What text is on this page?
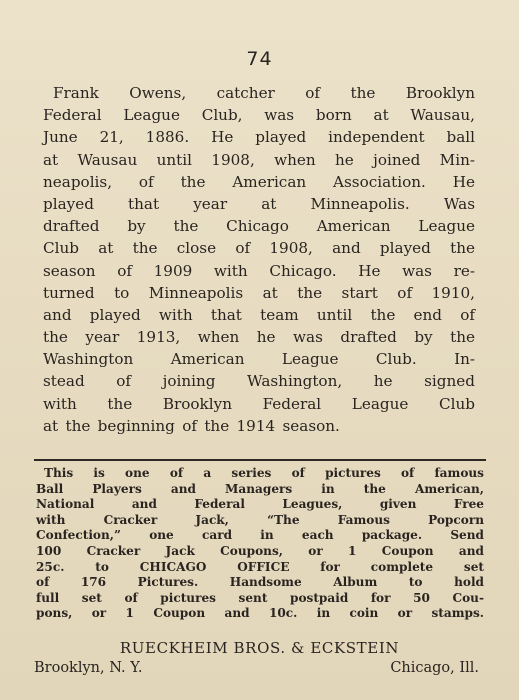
74
Frank Owens, catcher of the Brooklyn
Federal League Club, was born at Wausau,
June 21, 1886. He played independent ball
at Wausau until 1908, when he joined Min-
neapolis, of the American Association. He
played that year at Minneapolis. Was
drafted by the Chicago American League
Club at the close of 1908, and played the
season of 1909 with Chicago. He was re-
turned to Minneapolis at the start of 1910,
and played with that team until the end of
the year 1913, when he was drafted by the
Washington American League Club. In-
stead of joining Washington, he signed
with the Brooklyn Federal League Club
at the beginning of the 1914 season.
This is one of a series of pictures of famous
Ball Players and Managers in the American,
National and Federal Leagues, given Free
with Cracker Jack, “The Famous Popcorn
Confection,” one card in each package. Send
100 Cracker Jack Coupons, or 1 Coupon and
25c. to CHICAGO OFFICE for complete set
of 176 Pictures. Handsome Album to hold
full set of pictures sent postpaid for 50 Cou-
pons, or 1 Coupon and 10c. in coin or stamps.
RUECKHEIM BROS. & ECKSTEIN
Brooklyn, N. Y.	Chicago, Ill.
